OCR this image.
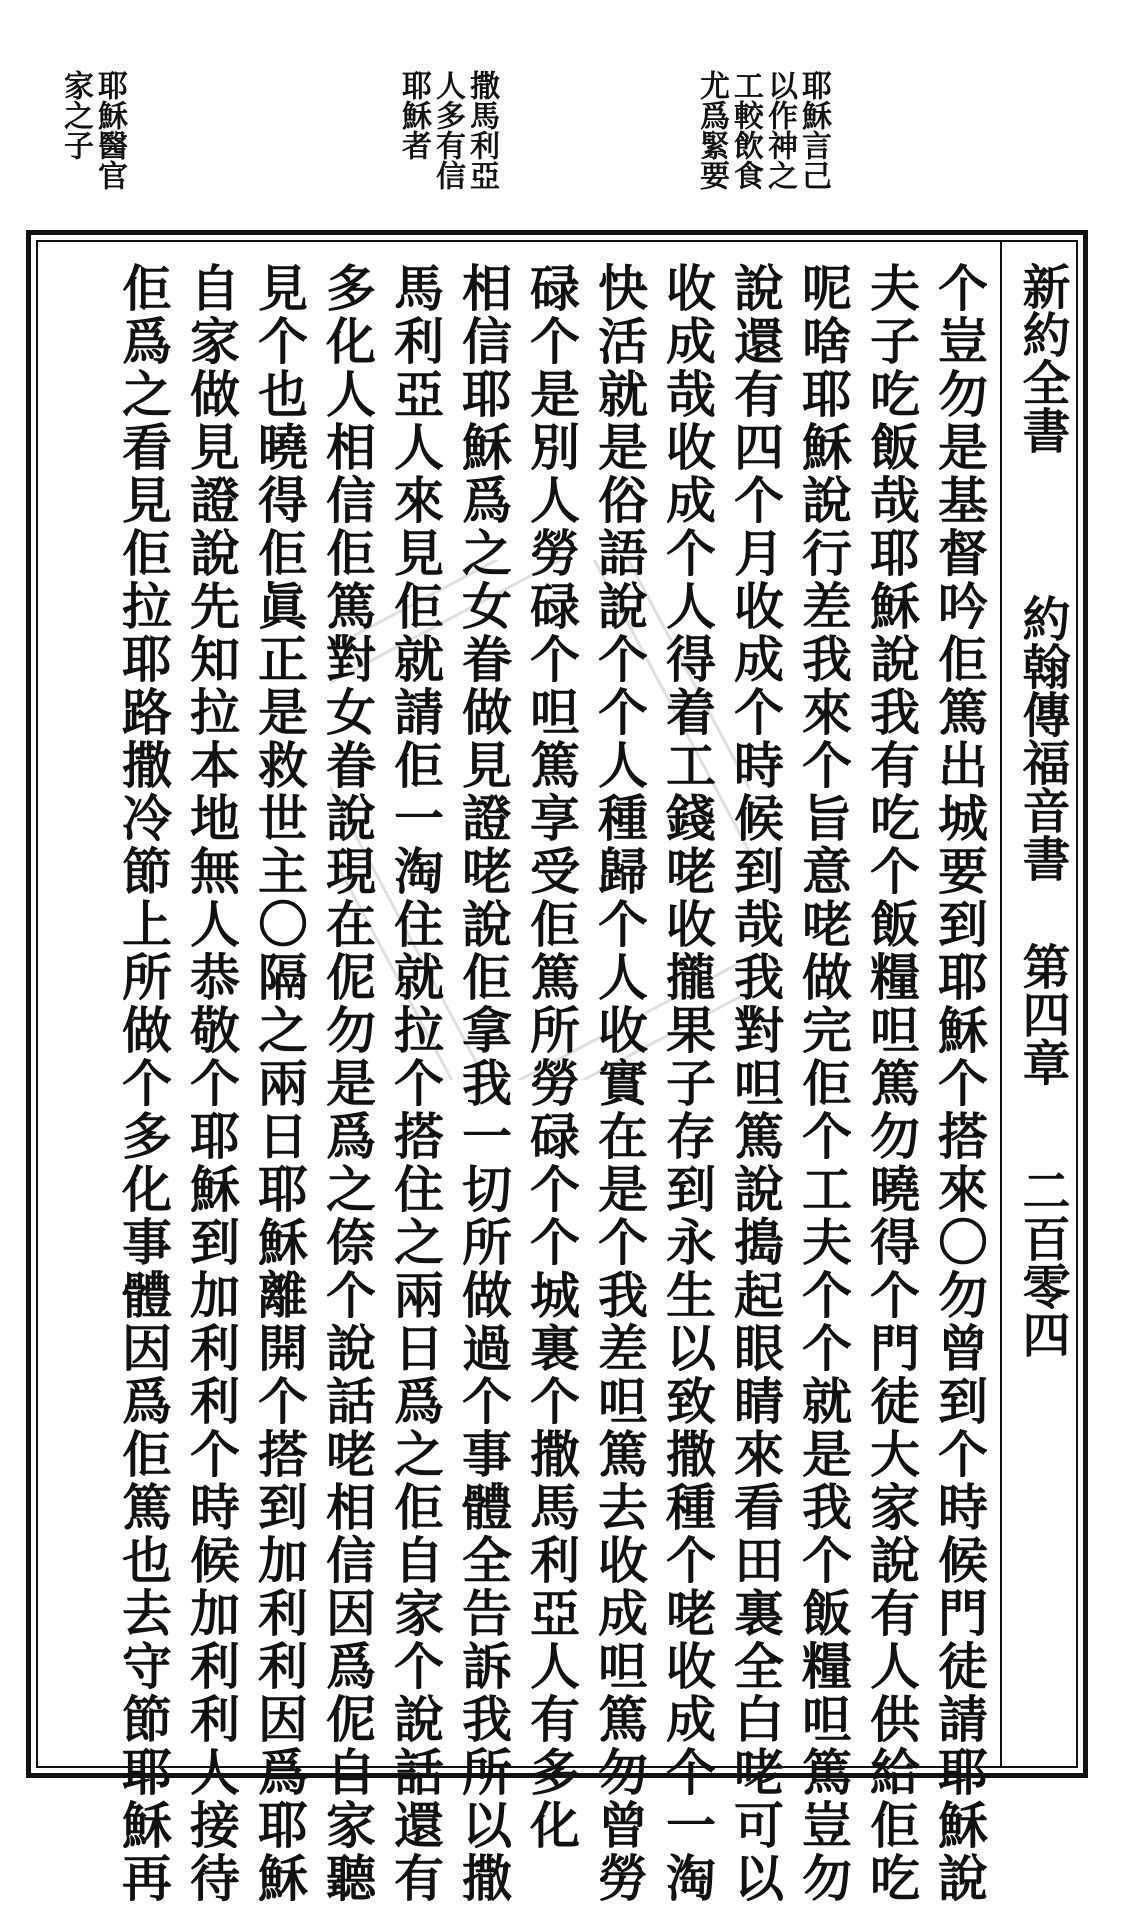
耶穌言己
以作神之
工較飲食
尤爲緊要
撒馬利亞
人多有信
耶穌者
耶穌醫官
家之子
新約全書約翰傳福音書第四章二百零四
个豈勿是基督吟佢篤出城要到耶穌个搭來〇勿曾到个時候門徒請耶穌說
夫子吃飯哉耶穌說我有吃个飯糧呾篤勿曉得个門徒大家說有人供給佢吃
呢啥耶穌說行差我來个旨意咾做完佢个工夫个个就是我个飯糧呾篤豈勿
說還有四个月收成个時候到哉我對呾篤說搗起眼睛來看田裏全白咾可以
收成哉收成个人得着工錢咾收攏果子存到永生以致撒種个咾收成个一淘
快活就是俗語說个个人種歸个人收實在是个我差呾篤去收成呾篤勿曾勞
碌个是別人勞碌个呾篤享受佢篤所勞碌个个城裏个撒馬利亞人有多化
相信耶穌爲之女眷做見證咾說佢拿我一切所做過个事體全告訴我所以撒
馬利亞人來見佢就請佢一淘住就拉个搭住之兩日爲之佢自家个說話還有
多化人相信佢篤對女眷說現在伲勿是爲之倷个說話咾相信因爲伲自家聽
見个也曉得佢眞正是救世主〇隔之兩日耶穌離開个搭到加利利因爲耶穌
自家做見證說先知拉本地無人恭敬个耶穌到加利利个時候加利利人接待
佢爲之看見佢拉耶路撒冷節上所做个多化事體因爲佢篤也去守節耶穌再
